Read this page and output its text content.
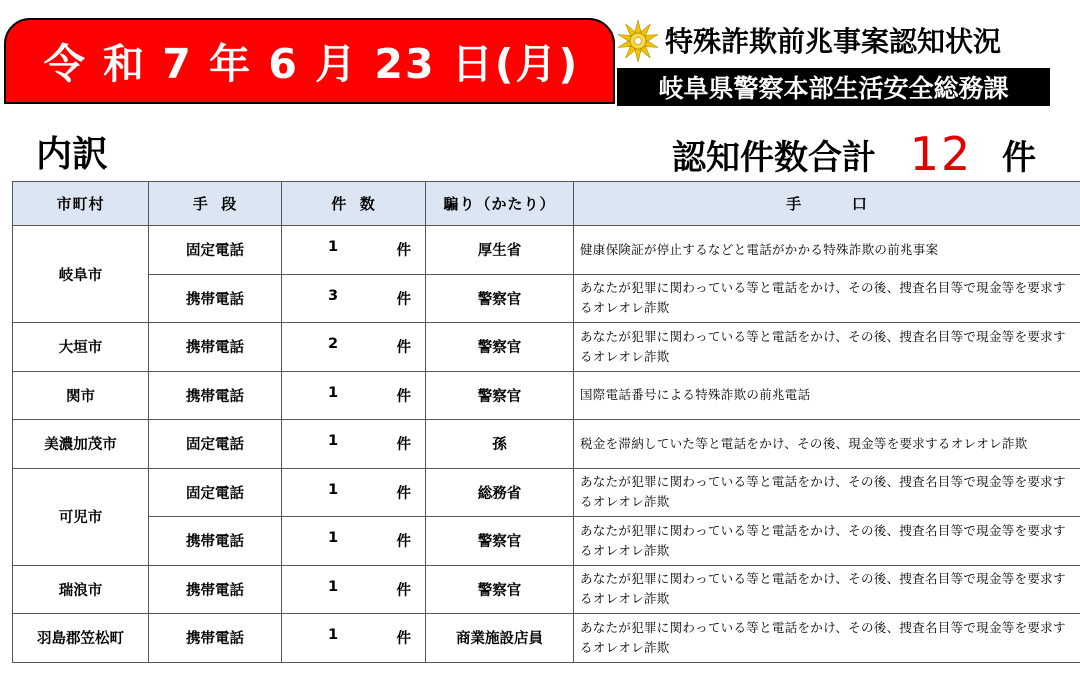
令 和 7 年 6 月 23 日(月)	特殊詐欺前兆事案認知状況
岐阜県警察本部生活安全総務課
内訳	認知件数合計 12 件
市町村	手  段	件  数	騙り（かたり）	手        口
岐阜市	固定電話	1 件	厚生省	健康保険証が停止するなどと電話がかかる特殊詐欺の前兆事案
	携帯電話	3 件	警察官	あなたが犯罪に関わっている等と電話をかけ、その後、捜査名目等で現金等を要求するオレオレ詐欺
大垣市	携帯電話	2 件	警察官	あなたが犯罪に関わっている等と電話をかけ、その後、捜査名目等で現金等を要求するオレオレ詐欺
関市	携帯電話	1 件	警察官	国際電話番号による特殊詐欺の前兆電話
美濃加茂市	固定電話	1 件	孫	税金を滞納していた等と電話をかけ、その後、現金等を要求するオレオレ詐欺
可児市	固定電話	1 件	総務省	あなたが犯罪に関わっている等と電話をかけ、その後、捜査名目等で現金等を要求するオレオレ詐欺
	携帯電話	1 件	警察官	あなたが犯罪に関わっている等と電話をかけ、その後、捜査名目等で現金等を要求するオレオレ詐欺
瑞浪市	携帯電話	1 件	警察官	あなたが犯罪に関わっている等と電話をかけ、その後、捜査名目等で現金等を要求するオレオレ詐欺
羽島郡笠松町	携帯電話	1 件	商業施設店員	あなたが犯罪に関わっている等と電話をかけ、その後、捜査名目等で現金等を要求するオレオレ詐欺
